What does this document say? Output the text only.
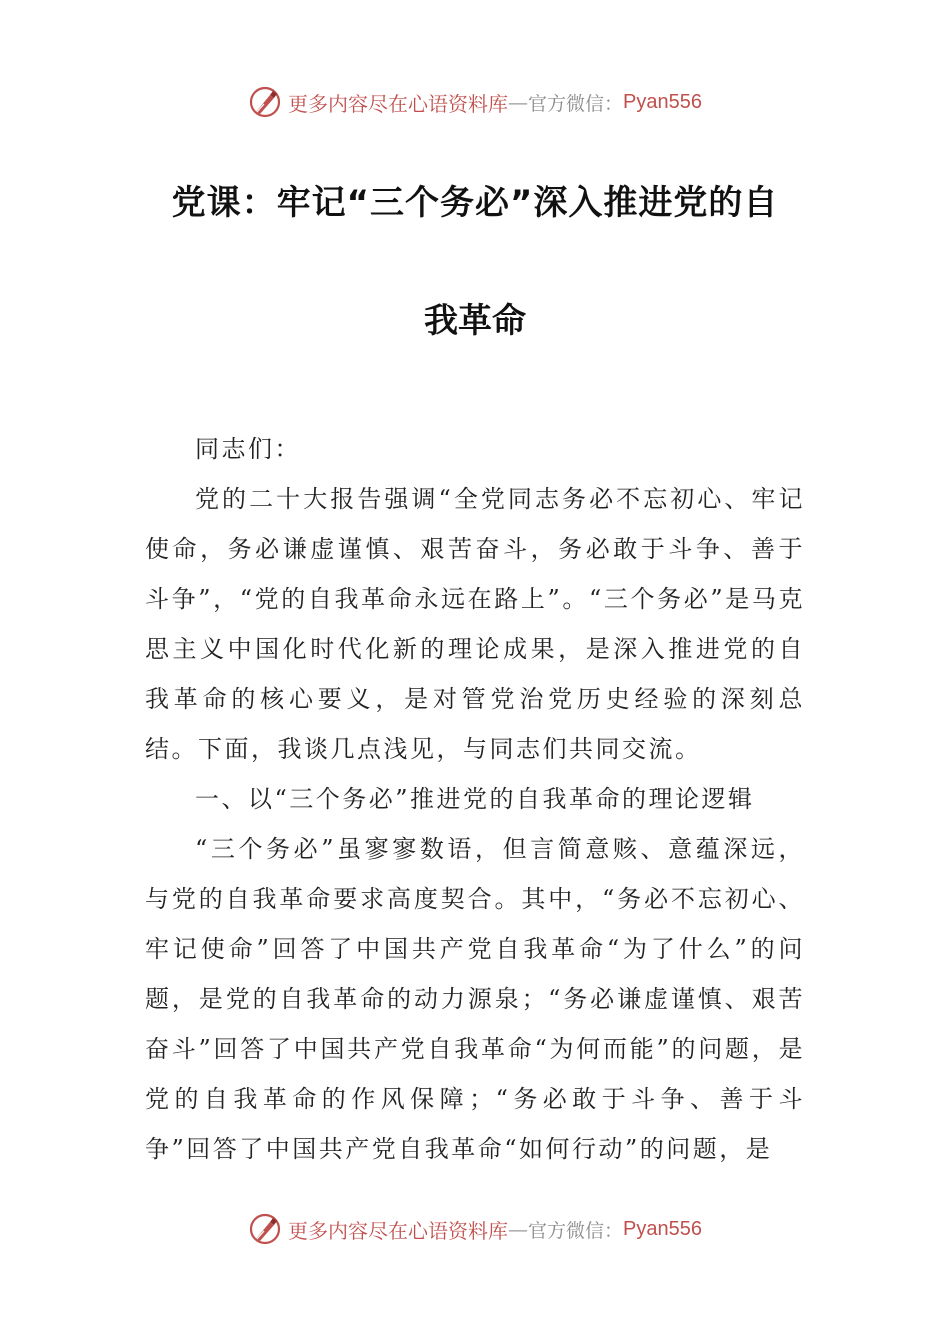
更多内容尽在心语资料库 — 官方微信： Pyan556
党课：牢记“三个务必”深入推进党的自
我革命

同志们：

党的二十大报告强调“全党同志务必不忘初心、牢记使命，务必谦虚谨慎、艰苦奋斗，务必敢于斗争、善于斗争”，“党的自我革命永远在路上”。“三个务必”是马克思主义中国化时代化新的理论成果，是深入推进党的自我革命的核心要义，是对管党治党历史经验的深刻总结。下面，我谈几点浅见，与同志们共同交流。

一、以“三个务必”推进党的自我革命的理论逻辑

“三个务必”虽寥寥数语，但言简意赅、意蕴深远，与党的自我革命要求高度契合。其中，“务必不忘初心、牢记使命”回答了中国共产党自我革命“为了什么”的问题，是党的自我革命的动力源泉；“务必谦虚谨慎、艰苦奋斗”回答了中国共产党自我革命“为何而能”的问题，是党的自我革命的作风保障；“务必敢于斗争、善于斗争”回答了中国共产党自我革命“如何行动”的问题，是

更多内容尽在心语资料库 — 官方微信： Pyan556
